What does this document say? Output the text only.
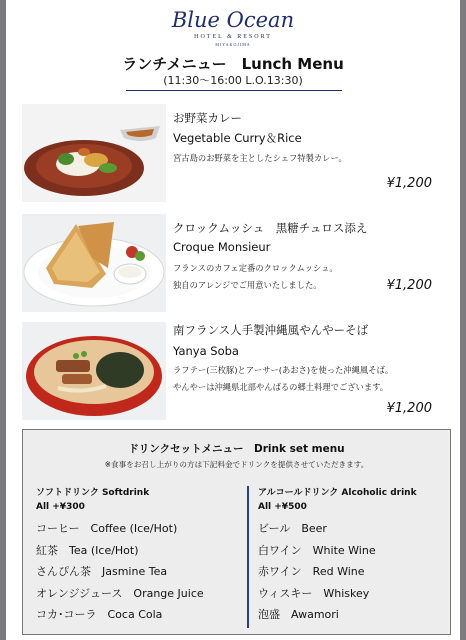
Blue Ocean
HOTEL & RESORT
MIYAKOJIMA
ランチメニュー　Lunch Menu
(11:30〜16:00 L.O.13:30)
お野菜カレー
Vegetable Curry＆Rice
宮古島のお野菜を主としたシェフ特製カレー。
¥1,200
クロックムッシュ　黒糖チュロス添え
Croque Monsieur
フランスのカフェ定番のクロックムッシュ。
独自のアレンジでご用意いたしました。	¥1,200
南フランス人手製沖縄風やんやーそば
Yanya Soba
ラフテー(三枚豚)とアーサー(あおさ)を使った沖縄風そば。
やんやーは沖縄県北部やんばるの郷土料理でございます。
¥1,200
ドリンクセットメニュー　Drink set menu
※食事をお召し上がりの方は下記料金でドリンクを提供させていただきます。
ソフトドリンク Softdrink
All +¥300
コーヒー　Coffee (Ice/Hot)
紅茶　Tea (Ice/Hot)
さんぴん茶　Jasmine Tea
オレンジジュース　Orange Juice
コカ･コーラ　Coca Cola
アルコールドリンク Alcoholic drink
All +¥500
ビール　Beer
白ワイン　White Wine
赤ワイン　Red Wine
ウィスキー　Whiskey
泡盛　Awamori
